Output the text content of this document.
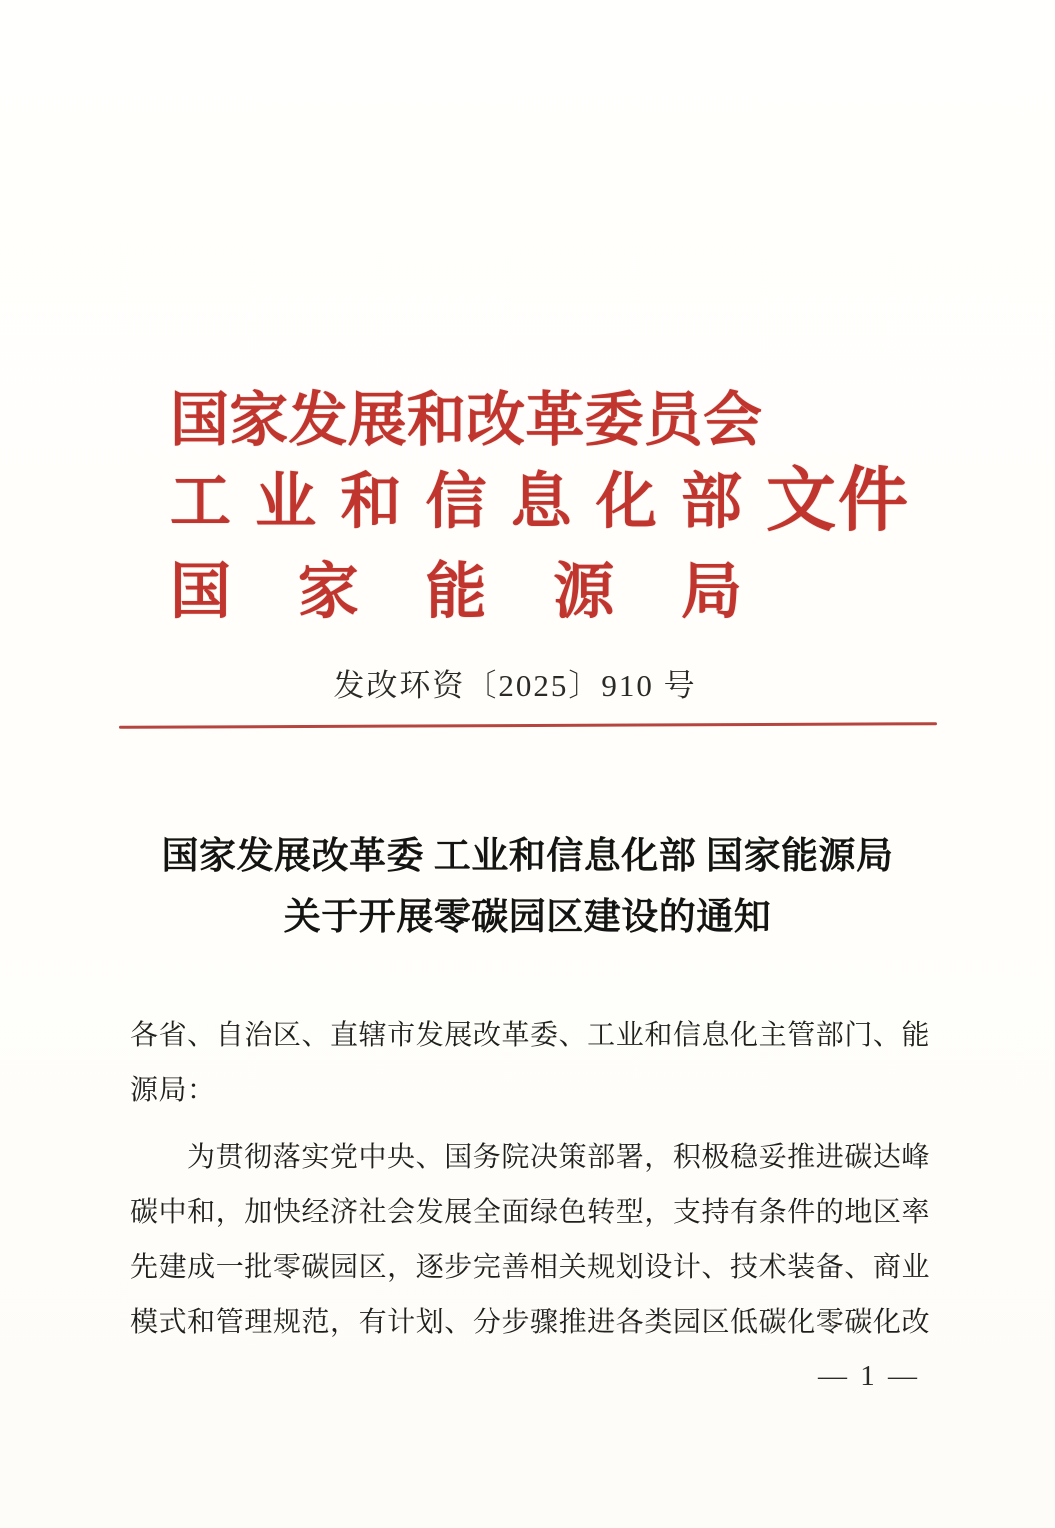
国家发展和改革委员会
工业和信息化部 文件
国家能源局
发改环资〔2025〕910 号
国家发展改革委 工业和信息化部 国家能源局
关于开展零碳园区建设的通知
各省、自治区、直辖市发展改革委、工业和信息化主管部门、能
源局：
为贯彻落实党中央、国务院决策部署，积极稳妥推进碳达峰
碳中和，加快经济社会发展全面绿色转型，支持有条件的地区率
先建成一批零碳园区，逐步完善相关规划设计、技术装备、商业
模式和管理规范，有计划、分步骤推进各类园区低碳化零碳化改
— 1 —
